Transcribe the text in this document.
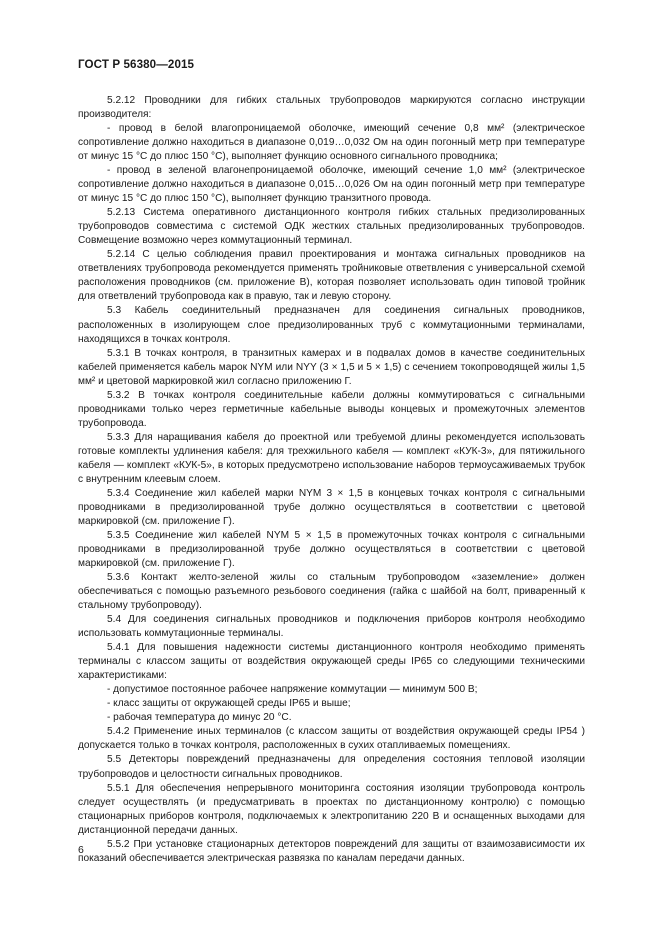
ГОСТ Р 56380—2015

5.2.12 Проводники для гибких стальных трубопроводов маркируются согласно инструкции производителя:

- провод в белой влагопроницаемой оболочке, имеющий сечение 0,8 мм² (электрическое сопротивление должно находиться в диапазоне 0,019…0,032 Ом на один погонный метр при температуре от минус 15 °С до плюс 150 °С), выполняет функцию основного сигнального проводника;

- провод в зеленой влагонепроницаемой оболочке, имеющий сечение 1,0 мм² (электрическое сопротивление должно находиться в диапазоне 0,015…0,026 Ом на один погонный метр при температуре от минус 15 °С до плюс 150 °С), выполняет функцию транзитного провода.

5.2.13 Система оперативного дистанционного контроля гибких стальных предизолированных трубопроводов совместима с системой ОДК жестких стальных предизолированных трубопроводов. Совмещение возможно через коммутационный терминал.

5.2.14 С целью соблюдения правил проектирования и монтажа сигнальных проводников на ответвлениях трубопровода рекомендуется применять тройниковые ответвления с универсальной схемой расположения проводников (см. приложение В), которая позволяет использовать один типовой тройник для ответвлений трубопровода как в правую, так и левую сторону.

5.3 Кабель соединительный предназначен для соединения сигнальных проводников, расположенных в изолирующем слое предизолированных труб с коммутационными терминалами, находящихся в точках контроля.

5.3.1 В точках контроля, в транзитных камерах и в подвалах домов в качестве соединительных кабелей применяется кабель марок NYM или NYY (3 × 1,5 и 5 × 1,5) с сечением токопроводящей жилы 1,5 мм² и цветовой маркировкой жил согласно приложению Г.

5.3.2 В точках контроля соединительные кабели должны коммутироваться с сигнальными проводниками только через герметичные кабельные выводы концевых и промежуточных элементов трубопровода.

5.3.3 Для наращивания кабеля до проектной или требуемой длины рекомендуется использовать готовые комплекты удлинения кабеля: для трехжильного кабеля — комплект «КУК-3», для пятижильного кабеля — комплект «КУК-5», в которых предусмотрено использование наборов термоусаживаемых трубок с внутренним клеевым слоем.

5.3.4 Соединение жил кабелей марки NYM 3 × 1,5 в концевых точках контроля с сигнальными проводниками в предизолированной трубе должно осуществляться в соответствии с цветовой маркировкой (см. приложение Г).

5.3.5 Соединение жил кабелей NYM 5 × 1,5 в промежуточных точках контроля с сигнальными проводниками в предизолированной трубе должно осуществляться в соответствии с цветовой маркировкой (см. приложение Г).

5.3.6 Контакт желто-зеленой жилы со стальным трубопроводом «заземление» должен обеспечиваться с помощью разъемного резьбового соединения (гайка с шайбой на болт, приваренный к стальному трубопроводу).

5.4 Для соединения сигнальных проводников и подключения приборов контроля необходимо использовать коммутационные терминалы.

5.4.1 Для повышения надежности системы дистанционного контроля необходимо применять терминалы с классом защиты от воздействия окружающей среды IP65 со следующими техническими характеристиками:

- допустимое постоянное рабочее напряжение коммутации — минимум 500 В;

- класс защиты от окружающей среды IP65 и выше;

- рабочая температура до минус 20 °С.

5.4.2 Применение иных терминалов (с классом защиты от воздействия окружающей среды IP54 ) допускается только в точках контроля, расположенных в сухих отапливаемых помещениях.

5.5 Детекторы повреждений предназначены для определения состояния тепловой изоляции трубопроводов и целостности сигнальных проводников.

5.5.1 Для обеспечения непрерывного мониторинга состояния изоляции трубопровода контроль следует осуществлять (и предусматривать в проектах по дистанционному контролю) с помощью стационарных приборов контроля, подключаемых к электропитанию 220 В и оснащенных выходами для дистанционной передачи данных.

5.5.2 При установке стационарных детекторов повреждений для защиты от взаимозависимости их показаний обеспечивается электрическая развязка по каналам передачи данных.

6
